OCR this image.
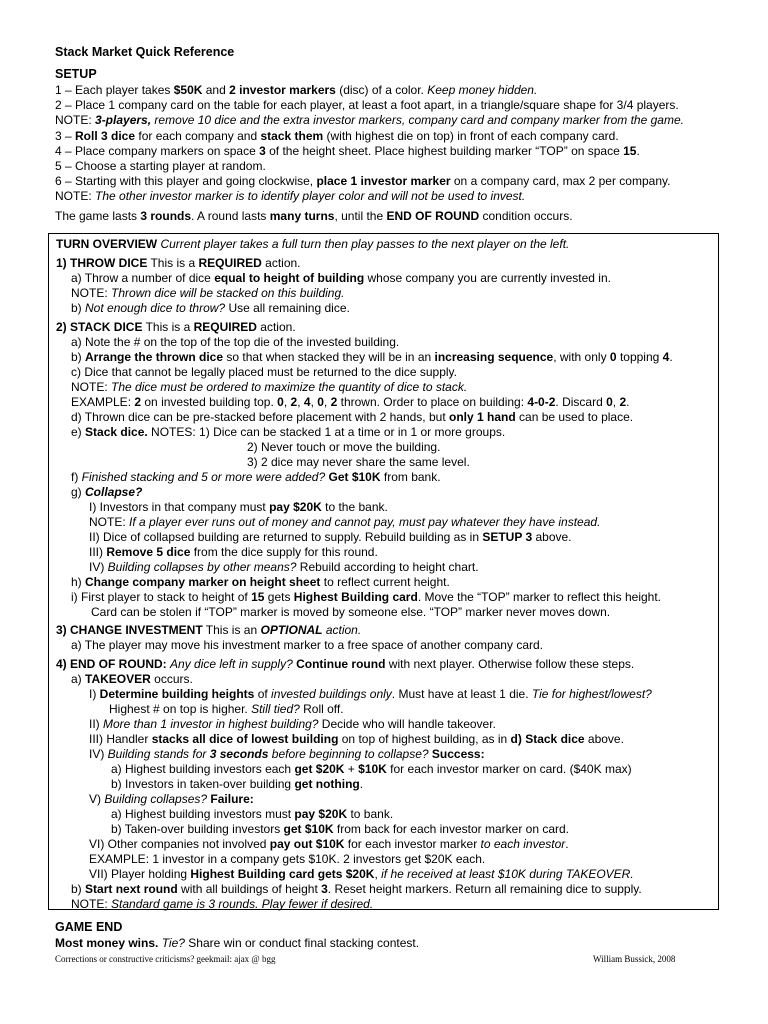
Stack Market Quick Reference
SETUP
1 – Each player takes $50K and 2 investor markers (disc) of a color. Keep money hidden.
2 – Place 1 company card on the table for each player, at least a foot apart, in a triangle/square shape for 3/4 players.
NOTE: 3-players, remove 10 dice and the extra investor markers, company card and company marker from the game.
3 – Roll 3 dice for each company and stack them (with highest die on top) in front of each company card.
4 – Place company markers on space 3 of the height sheet. Place highest building marker “TOP” on space 15.
5 – Choose a starting player at random.
6 – Starting with this player and going clockwise, place 1 investor marker on a company card, max 2 per company.
NOTE: The other investor marker is to identify player color and will not be used to invest.
The game lasts 3 rounds. A round lasts many turns, until the END OF ROUND condition occurs.
TURN OVERVIEW Current player takes a full turn then play passes to the next player on the left.
1) THROW DICE This is a REQUIRED action.
a) Throw a number of dice equal to height of building whose company you are currently invested in.
NOTE: Thrown dice will be stacked on this building.
b) Not enough dice to throw? Use all remaining dice.
2) STACK DICE This is a REQUIRED action.
a) Note the # on the top of the top die of the invested building.
b) Arrange the thrown dice so that when stacked they will be in an increasing sequence, with only 0 topping 4.
c) Dice that cannot be legally placed must be returned to the dice supply.
NOTE: The dice must be ordered to maximize the quantity of dice to stack.
EXAMPLE: 2 on invested building top. 0, 2, 4, 0, 2 thrown. Order to place on building: 4-0-2. Discard 0, 2.
d) Thrown dice can be pre-stacked before placement with 2 hands, but only 1 hand can be used to place.
e) Stack dice. NOTES: 1) Dice can be stacked 1 at a time or in 1 or more groups.
2) Never touch or move the building.
3) 2 dice may never share the same level.
f) Finished stacking and 5 or more were added? Get $10K from bank.
g) Collapse?
I) Investors in that company must pay $20K to the bank.
NOTE: If a player ever runs out of money and cannot pay, must pay whatever they have instead.
II) Dice of collapsed building are returned to supply. Rebuild building as in SETUP 3 above.
III) Remove 5 dice from the dice supply for this round.
IV) Building collapses by other means? Rebuild according to height chart.
h) Change company marker on height sheet to reflect current height.
i) First player to stack to height of 15 gets Highest Building card. Move the “TOP” marker to reflect this height.
Card can be stolen if “TOP” marker is moved by someone else. “TOP” marker never moves down.
3) CHANGE INVESTMENT This is an OPTIONAL action.
a) The player may move his investment marker to a free space of another company card.
4) END OF ROUND: Any dice left in supply? Continue round with next player. Otherwise follow these steps.
a) TAKEOVER occurs.
I) Determine building heights of invested buildings only. Must have at least 1 die. Tie for highest/lowest?
Highest # on top is higher. Still tied? Roll off.
II) More than 1 investor in highest building? Decide who will handle takeover.
III) Handler stacks all dice of lowest building on top of highest building, as in d) Stack dice above.
IV) Building stands for 3 seconds before beginning to collapse? Success:
a) Highest building investors each get $20K + $10K for each investor marker on card. ($40K max)
b) Investors in taken-over building get nothing.
V) Building collapses? Failure:
a) Highest building investors must pay $20K to bank.
b) Taken-over building investors get $10K from back for each investor marker on card.
VI) Other companies not involved pay out $10K for each investor marker to each investor.
EXAMPLE: 1 investor in a company gets $10K. 2 investors get $20K each.
VII) Player holding Highest Building card gets $20K, if he received at least $10K during TAKEOVER.
b) Start next round with all buildings of height 3. Reset height markers. Return all remaining dice to supply.
NOTE: Standard game is 3 rounds. Play fewer if desired.
GAME END
Most money wins. Tie? Share win or conduct final stacking contest.
Corrections or constructive criticisms? geekmail: ajax @ bgg	William Bussick, 2008
